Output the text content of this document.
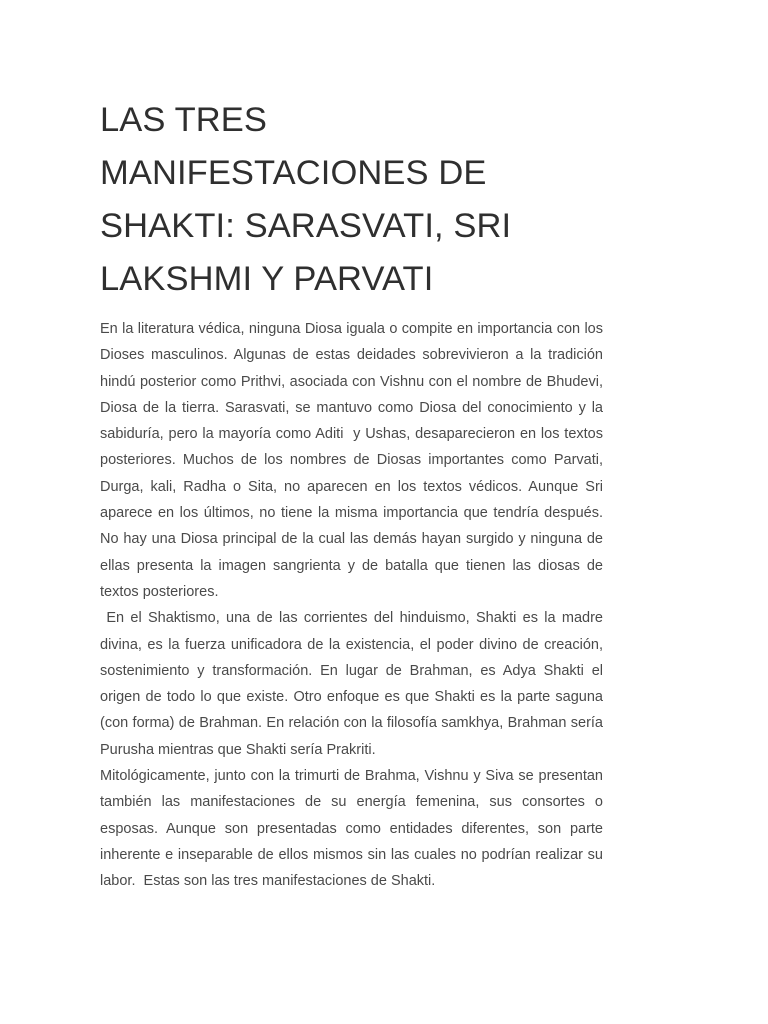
LAS TRES MANIFESTACIONES DE SHAKTI: SARASVATI, SRI LAKSHMI Y PARVATI

En la literatura védica, ninguna Diosa iguala o compite en importancia con los Dioses masculinos. Algunas de estas deidades sobrevivieron a la tradición hindú posterior como Prithvi, asociada con Vishnu con el nombre de Bhudevi, Diosa de la tierra. Sarasvati, se mantuvo como Diosa del conocimiento y la sabiduría, pero la mayoría como Aditi  y Ushas, desaparecieron en los textos posteriores. Muchos de los nombres de Diosas importantes como Parvati, Durga, kali, Radha o Sita, no aparecen en los textos védicos. Aunque Sri aparece en los últimos, no tiene la misma importancia que tendría después.  No hay una Diosa principal de la cual las demás hayan surgido y ninguna de ellas presenta la imagen sangrienta y de batalla que tienen las diosas de textos posteriores.

En el Shaktismo, una de las corrientes del hinduismo, Shakti es la madre divina, es la fuerza unificadora de la existencia, el poder divino de creación, sostenimiento y transformación. En lugar de Brahman, es Adya Shakti el origen de todo lo que existe. Otro enfoque es que Shakti es la parte saguna (con forma) de Brahman. En relación con la filosofía samkhya, Brahman sería Purusha mientras que Shakti sería Prakriti.

Mitológicamente, junto con la trimurti de Brahma, Vishnu y Siva se presentan también las manifestaciones de su energía femenina, sus consortes o esposas. Aunque son presentadas como entidades diferentes, son parte inherente e inseparable de ellos mismos sin las cuales no podrían realizar su labor.  Estas son las tres manifestaciones de Shakti.
